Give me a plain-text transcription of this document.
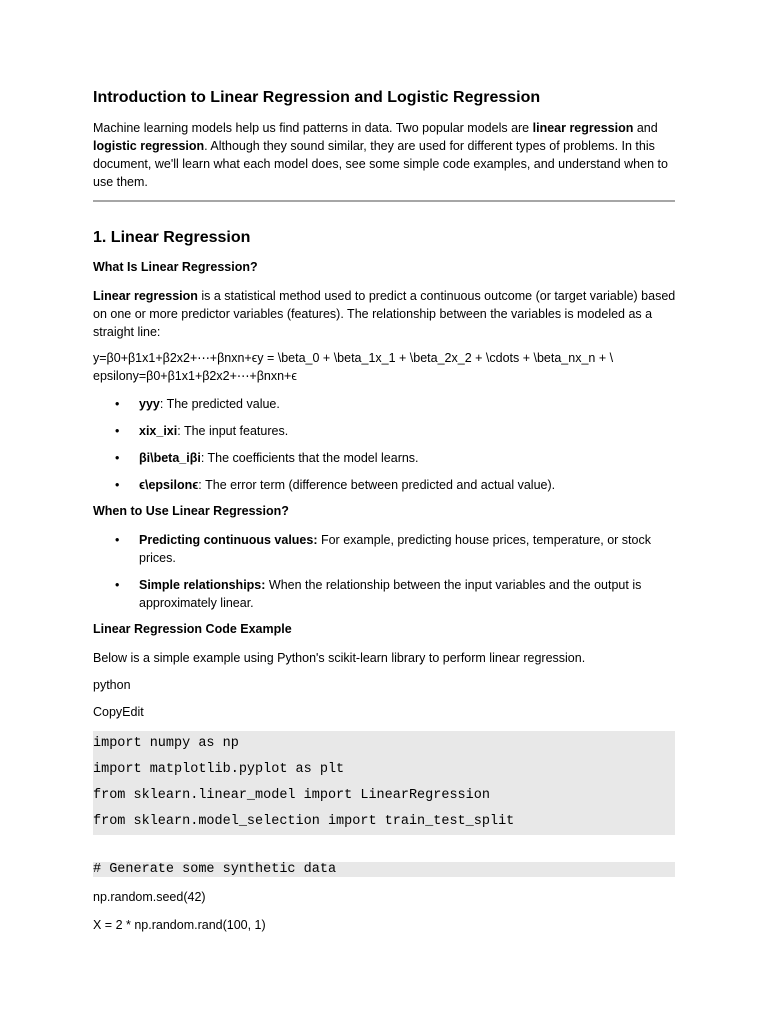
Introduction to Linear Regression and Logistic Regression
Machine learning models help us find patterns in data. Two popular models are linear regression and logistic regression. Although they sound similar, they are used for different types of problems. In this document, we'll learn what each model does, see some simple code examples, and understand when to use them.
1. Linear Regression
What Is Linear Regression?
Linear regression is a statistical method used to predict a continuous outcome (or target variable) based on one or more predictor variables (features). The relationship between the variables is modeled as a straight line:
y=β0+β1x1+β2x2+⋯+βnxn+ϵy = \beta_0 + \beta_1x_1 + \beta_2x_2 + \cdots + \beta_nx_n + \
epsilony=β0+β1x1+β2x2+⋯+βnxn+ϵ
• yyy: The predicted value.
• xix_ixi: The input features.
• βi\beta_iβi: The coefficients that the model learns.
• ϵ\epsilonϵ: The error term (difference between predicted and actual value).
When to Use Linear Regression?
• Predicting continuous values: For example, predicting house prices, temperature, or stock prices.
• Simple relationships: When the relationship between the input variables and the output is approximately linear.
Linear Regression Code Example
Below is a simple example using Python's scikit-learn library to perform linear regression.
python
CopyEdit
import numpy as np
import matplotlib.pyplot as plt
from sklearn.linear_model import LinearRegression
from sklearn.model_selection import train_test_split
# Generate some synthetic data
np.random.seed(42)
X = 2 * np.random.rand(100, 1)
